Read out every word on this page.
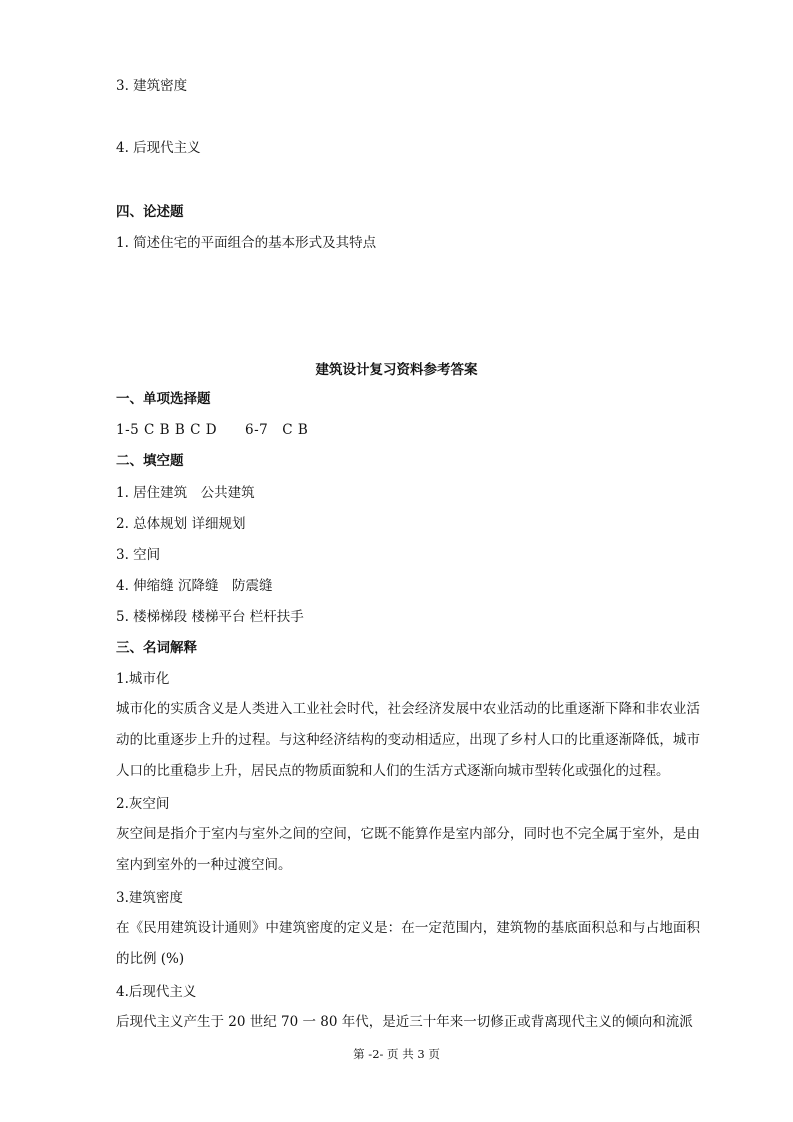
3. 建筑密度
4. 后现代主义
四、论述题
1. 简述住宅的平面组合的基本形式及其特点
建筑设计复习资料参考答案
一、单项选择题
1-5 C B B C D　　6-7　C B
二、填空题
1. 居住建筑　公共建筑
2. 总体规划 详细规划
3. 空间
4. 伸缩缝 沉降缝　防震缝
5. 楼梯梯段 楼梯平台 栏杆扶手
三、名词解释
1.城市化
城市化的实质含义是人类进入工业社会时代，社会经济发展中农业活动的比重逐渐下降和非农业活动的比重逐步上升的过程。与这种经济结构的变动相适应，出现了乡村人口的比重逐渐降低，城市人口的比重稳步上升，居民点的物质面貌和人们的生活方式逐渐向城市型转化或强化的过程。
2.灰空间
灰空间是指介于室内与室外之间的空间，它既不能算作是室内部分，同时也不完全属于室外，是由室内到室外的一种过渡空间。
3.建筑密度
在《民用建筑设计通则》中建筑密度的定义是：在一定范围内，建筑物的基底面积总和与占地面积的比例 (%)
4.后现代主义
后现代主义产生于 20 世纪 70 一 80 年代，是近三十年来一切修正或背离现代主义的倾向和流派
第 -2- 页 共 3 页
